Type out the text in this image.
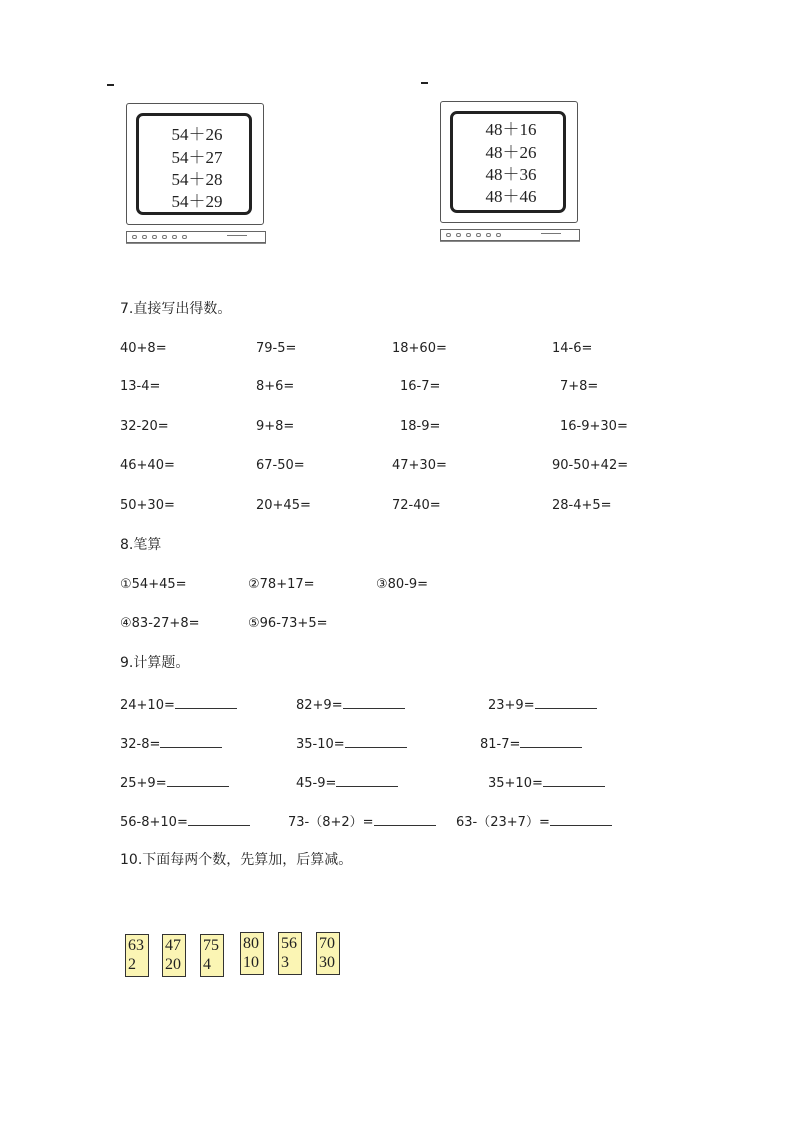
54＋26
54＋27
54＋28
54＋29
48＋16
48＋26
48＋36
48＋46
7.直接写出得数。
40+8=	79-5=	18+60=	14-6=
13-4=	8+6=	16-7=	7+8=
32-20=	9+8=	18-9=	16-9+30=
46+40=	67-50=	47+30=	90-50+42=
50+30=	20+45=	72-40=	28-4+5=
8.笔算
①54+45=	②78+17=	③80-9=
④83-27+8=	⑤96-73+5=
9.计算题。
24+10=	82+9=	23+9=
32-8=	35-10=	81-7=
25+9=	45-9=	35+10=
56-8+10=	73-（8+2）=	63-（23+7）=
10.下面每两个数，先算加，后算减。
63
2
47
20
75
4
80
10
56
3
70
30
